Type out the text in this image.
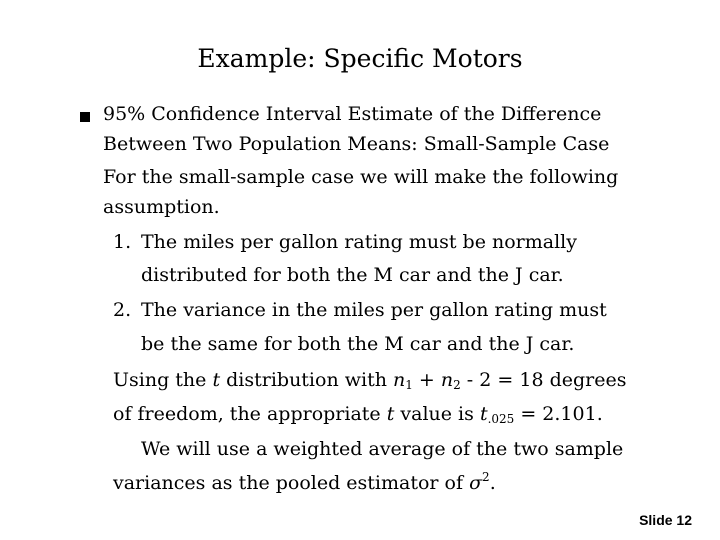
Example: Specific Motors
95% Confidence Interval Estimate of the Difference
Between Two Population Means: Small-Sample Case
For the small-sample case we will make the following
assumption.
1. The miles per gallon rating must be normally
distributed for both the M car and the J car.
2. The variance in the miles per gallon rating must
be the same for both the M car and the J car.
Using the t distribution with $n_1 + n_2 - 2 = 18$ degrees
of freedom, the appropriate t value is $t_{.025} = 2.101$.
We will use a weighted average of the two sample
variances as the pooled estimator of $\sigma^2$.
Slide 12
